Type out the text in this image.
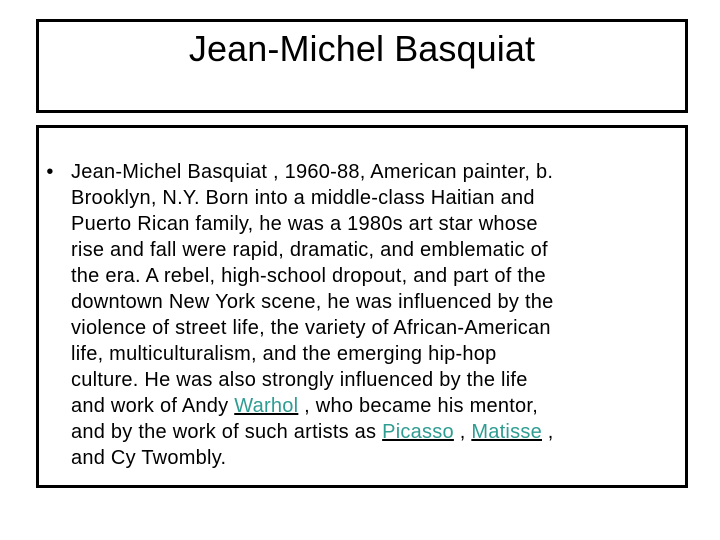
Jean-Michel Basquiat
• Jean-Michel Basquiat , 1960-88, American painter, b.
Brooklyn, N.Y. Born into a middle-class Haitian and
Puerto Rican family, he was a 1980s art star whose
rise and fall were rapid, dramatic, and emblematic of
the era. A rebel, high-school dropout, and part of the
downtown New York scene, he was influenced by the
violence of street life, the variety of African-American
life, multiculturalism, and the emerging hip-hop
culture. He was also strongly influenced by the life
and work of Andy Warhol , who became his mentor,
and by the work of such artists as Picasso , Matisse ,
and Cy Twombly.
